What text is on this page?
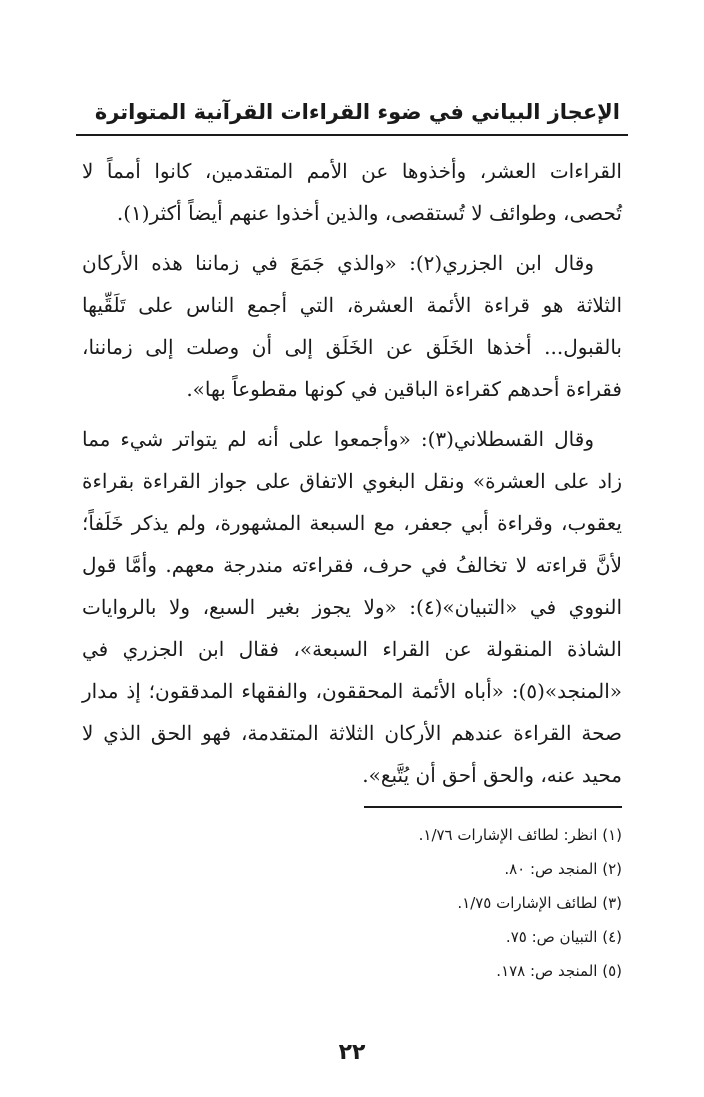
الإعجاز البياني في ضوء القراءات القرآنية المتواترة

القراءات العشر، وأخذوها عن الأمم المتقدمين، كانوا أمماً لا تُحصى، وطوائف لا تُستقصى، والذين أخذوا عنهم أيضاً أكثر(١).

وقال ابن الجزري(٢): «والذي جَمَعَ في زماننا هذه الأركان الثلاثة هو قراءة الأئمة العشرة، التي أجمع الناس على تَلَقِّيها بالقبول... أخذها الخَلَق عن الخَلَق إلى أن وصلت إلى زماننا، فقراءة أحدهم كقراءة الباقين في كونها مقطوعاً بها».

وقال القسطلاني(٣): «وأجمعوا على أنه لم يتواتر شيء مما زاد على العشرة» ونقل البغوي الاتفاق على جواز القراءة بقراءة يعقوب، وقراءة أبي جعفر، مع السبعة المشهورة، ولم يذكر خَلَفاً؛ لأنَّ قراءته لا تخالفُ في حرف، فقراءته مندرجة معهم. وأمَّا قول النووي في «التبيان»(٤): «ولا يجوز بغير السبع، ولا بالروايات الشاذة المنقولة عن القراء السبعة»، فقال ابن الجزري في «المنجد»(٥): «أباه الأئمة المحققون، والفقهاء المدققون؛ إذ مدار صحة القراءة عندهم الأركان الثلاثة المتقدمة، فهو الحق الذي لا محيد عنه، والحق أحق أن يُتَّبع».

(١) انظر: لطائف الإشارات ١/٧٦.
(٢) المنجد ص: ٨٠.
(٣) لطائف الإشارات ١/٧٥.
(٤) التبيان ص: ٧٥.
(٥) المنجد ص: ١٧٨.
٢٢
